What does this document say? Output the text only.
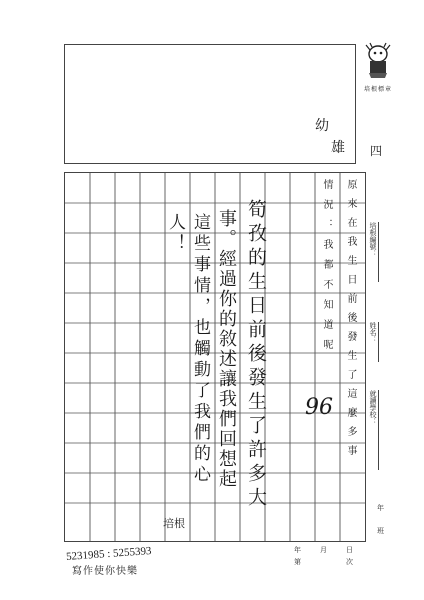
培根標章
幼
雄 四
原來在我生日前後發生了這麼多事
情況：我都不知道呢
96
筍孜的生日前後發生了許多大
事。經過你的敘述讓我們回想起
這些事情，也觸動了我們的心人！
培根
培根編號：
姓名：
就讀學校：
年
班
年	月	日
第	次
5231985 : 5255393
寫作使你快樂
